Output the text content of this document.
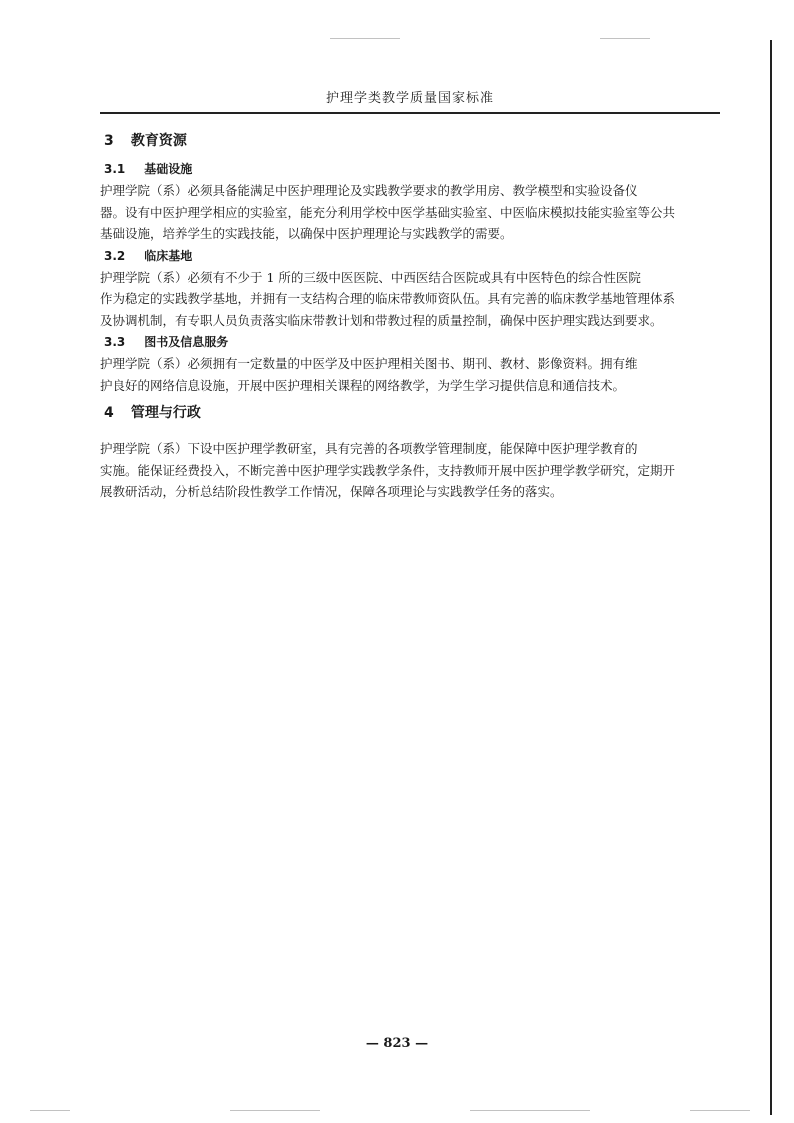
护理学类教学质量国家标准
3 教育资源
3.1 基础设施

护理学院（系）必须具备能满足中医护理理论及实践教学要求的教学用房、教学模型和实验设备仪
器。设有中医护理学相应的实验室，能充分利用学校中医学基础实验室、中医临床模拟技能实验室等公共
基础设施，培养学生的实践技能，以确保中医护理理论与实践教学的需要。

3.2 临床基地

护理学院（系）必须有不少于 1 所的三级中医医院、中西医结合医院或具有中医特色的综合性医院
作为稳定的实践教学基地，并拥有一支结构合理的临床带教师资队伍。具有完善的临床教学基地管理体系
及协调机制，有专职人员负责落实临床带教计划和带教过程的质量控制，确保中医护理实践达到要求。

3.3 图书及信息服务

护理学院（系）必须拥有一定数量的中医学及中医护理相关图书、期刊、教材、影像资料。拥有维
护良好的网络信息设施，开展中医护理相关课程的网络教学，为学生学习提供信息和通信技术。

4 管理与行政

护理学院（系）下设中医护理学教研室，具有完善的各项教学管理制度，能保障中医护理学教育的
实施。能保证经费投入，不断完善中医护理学实践教学条件，支持教师开展中医护理学教学研究，定期开
展教研活动，分析总结阶段性教学工作情况，保障各项理论与实践教学任务的落实。

— 823 —
